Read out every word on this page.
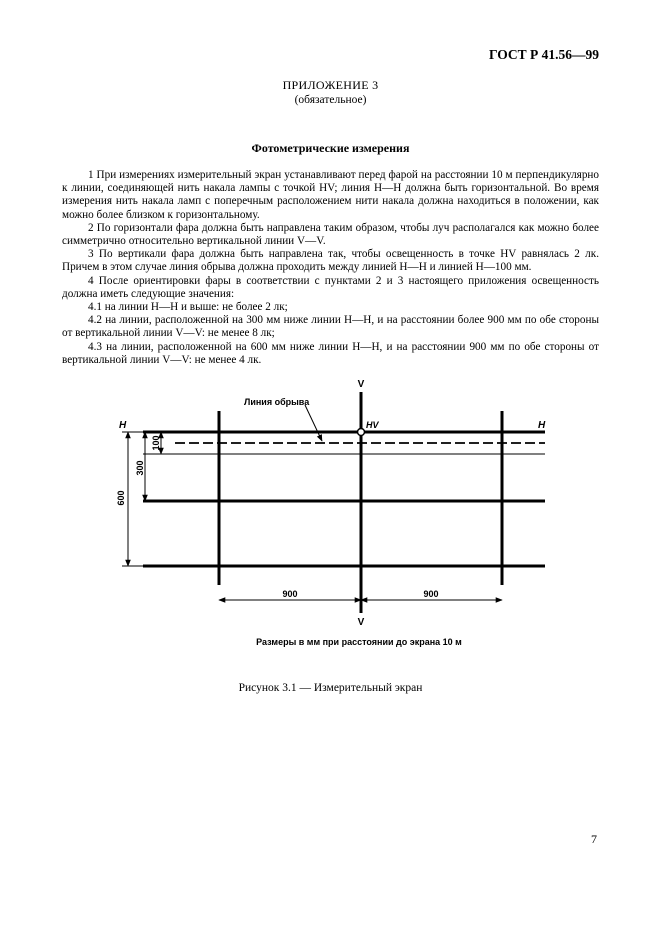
ГОСТ Р 41.56—99
ПРИЛОЖЕНИЕ 3
(обязательное)
Фотометрические измерения

1 При измерениях измерительный экран устанавливают перед фарой на расстоянии 10 м перпендикулярно к линии, соединяющей нить накала лампы с точкой HV; линия H—H должна быть горизонтальной. Во время измерения нить накала ламп с поперечным расположением нити накала должна находиться в положении, как можно более близком к горизонтальному.

2 По горизонтали фара должна быть направлена таким образом, чтобы луч располагался как можно более симметрично относительно вертикальной линии V—V.

3 По вертикали фара должна быть направлена так, чтобы освещенность в точке HV равнялась 2 лк. Причем в этом случае линия обрыва должна проходить между линией H—H и линией H—100 мм.

4 После ориентировки фары в соответствии с пунктами 2 и 3 настоящего приложения освещенность должна иметь следующие значения:

4.1 на линии H—H и выше: не более 2 лк;

4.2 на линии, расположенной на 300 мм ниже линии H—H, и на расстоянии более 900 мм по обе стороны от вертикальной линии V—V: не менее 8 лк;

4.3 на линии, расположенной на 600 мм ниже линии H—H, и на расстоянии 900 мм по обе стороны от вертикальной линии V—V: не менее 4 лк.

V
V
H	H
HV
Линия обрыва
100
300
600
900	900
Размеры в мм при расстоянии до экрана 10 м
Рисунок 3.1 — Измерительный экран
7
